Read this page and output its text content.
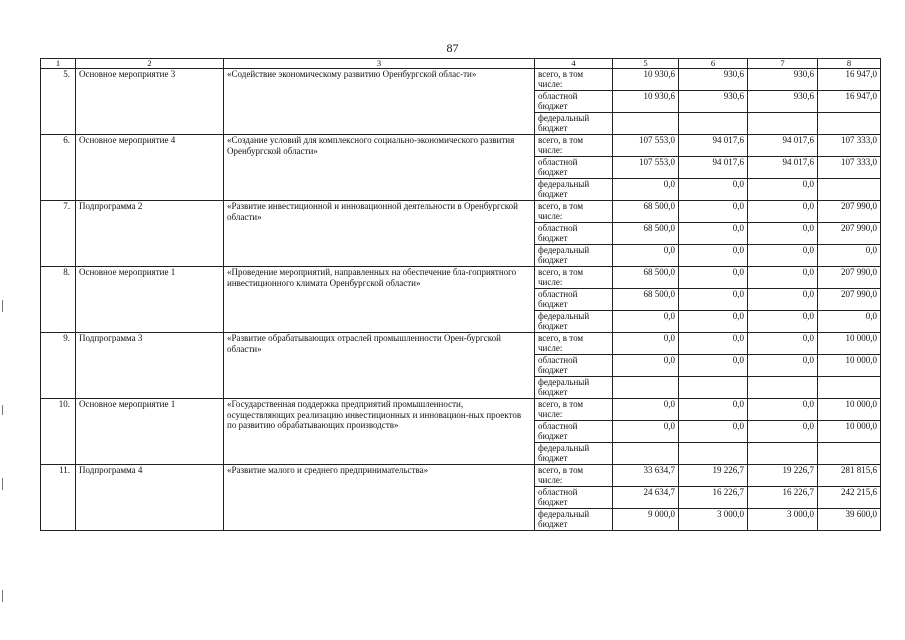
87
1	2	3	4	5	6	7	8
5.	Основное мероприятие 3	«Содействие экономическому развитию Оренбургской облас-ти»	всего, в том числе:	10 930,6	930,6	930,6	16 947,0
			областной бюджет	10 930,6	930,6	930,6	16 947,0
			федеральный бюджет				
6.	Основное мероприятие 4	«Создание условий для комплексного социально-экономического развития Оренбургской области»	всего, в том числе:	107 553,0	94 017,6	94 017,6	107 333,0
			областной бюджет	107 553,0	94 017,6	94 017,6	107 333,0
			федеральный бюджет	0,0	0,0	0,0	
7.	Подпрограмма 2	«Развитие инвестиционной и инновационной деятельности в Оренбургской области»	всего, в том числе:	68 500,0	0,0	0,0	207 990,0
			областной бюджет	68 500,0	0,0	0,0	207 990,0
			федеральный бюджет	0,0	0,0	0,0	0,0
8.	Основное мероприятие 1	«Проведение мероприятий, направленных на обеспечение бла-гоприятного инвестиционного климата Оренбургской области»	всего, в том числе:	68 500,0	0,0	0,0	207 990,0
			областной бюджет	68 500,0	0,0	0,0	207 990,0
			федеральный бюджет	0,0	0,0	0,0	0,0
9.	Подпрограмма 3	«Развитие обрабатывающих отраслей промышленности Орен-бургской области»	всего, в том числе:	0,0	0,0	0,0	10 000,0
			областной бюджет	0,0	0,0	0,0	10 000,0
			федеральный бюджет				
10.	Основное мероприятие 1	«Государственная поддержка предприятий промышленности, осуществляющих реализацию инвестиционных и инновацион-ных проектов по развитию обрабатывающих производств»	всего, в том числе:	0,0	0,0	0,0	10 000,0
			областной бюджет	0,0	0,0	0,0	10 000,0
			федеральный бюджет				
11.	Подпрограмма 4	«Развитие малого и среднего предпринимательства»	всего, в том числе:	33 634,7	19 226,7	19 226,7	281 815,6
			областной бюджет	24 634,7	16 226,7	16 226,7	242 215,6
			федеральный бюджет	9 000,0	3 000,0	3 000,0	39 600,0
